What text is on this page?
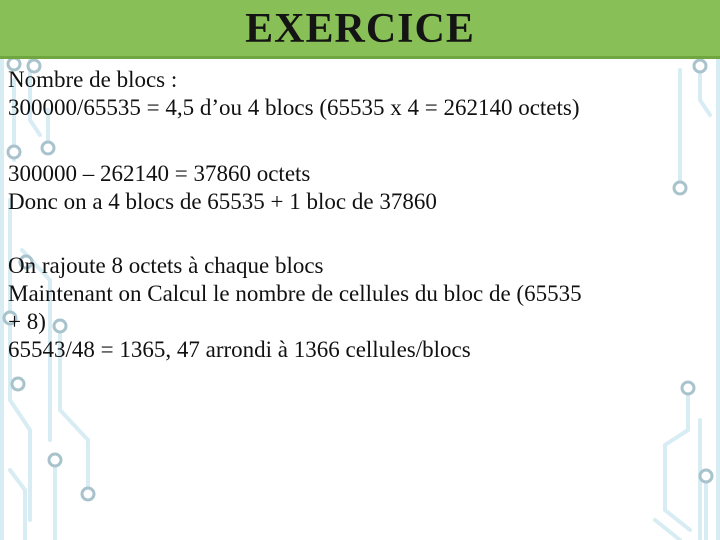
EXERCICE

Nombre de blocs :

300000/65535 = 4,5 d’ou 4 blocs (65535 x 4 = 262140 octets)

300000 – 262140 = 37860 octets

Donc on a 4 blocs de 65535 + 1 bloc de 37860

On rajoute 8 octets à chaque blocs

Maintenant on Calcul le nombre de cellules du bloc de (65535

+ 8)

65543/48 = 1365, 47 arrondi à 1366 cellules/blocs
